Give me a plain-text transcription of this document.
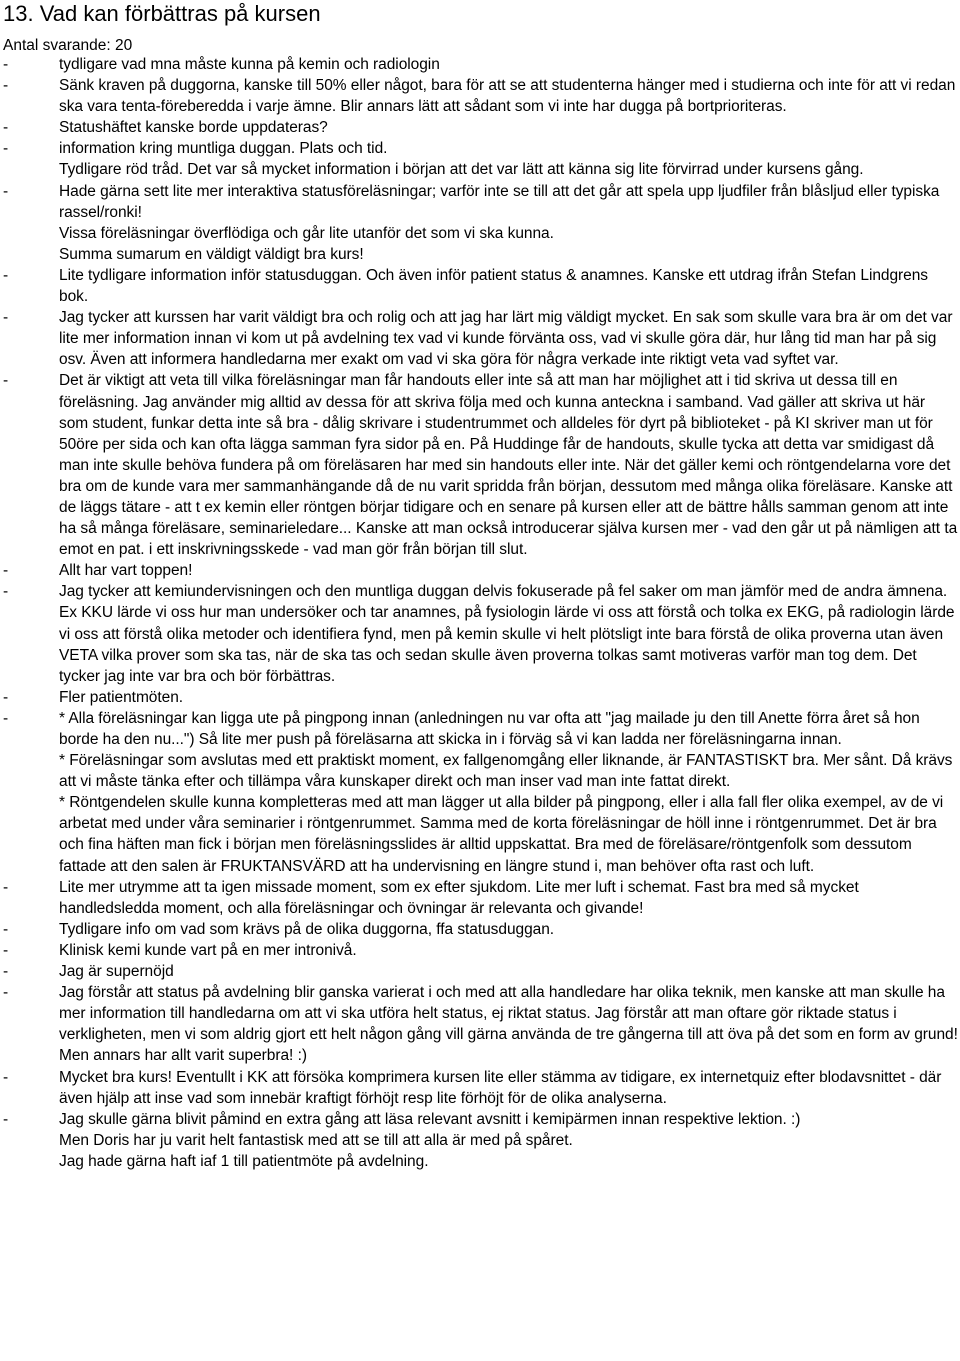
13. Vad kan förbättras på kursen

Antal svarande: 20

-	tydligare vad mna måste kunna på kemin och radiologin
-	Sänk kraven på duggorna, kanske till 50% eller något, bara för att se att studenterna hänger med i studierna och inte för att vi redan ska vara tenta-föreberedda i varje ämne. Blir annars lätt att sådant som vi inte har dugga på bortprioriteras.
-	Statushäftet kanske borde uppdateras?
-	information kring muntliga duggan. Plats och tid.
Tydligare röd tråd. Det var så mycket information i början att det var lätt att känna sig lite förvirrad under kursens gång.
-	Hade gärna sett lite mer interaktiva statusföreläsningar; varför inte se till att det går att spela upp ljudfiler från blåsljud eller typiska rassel/ronki!
Vissa föreläsningar överflödiga och går lite utanför det som vi ska kunna.
Summa sumarum en väldigt väldigt bra kurs!
-	Lite tydligare information inför statusduggan. Och även inför patient status & anamnes. Kanske ett utdrag ifrån Stefan Lindgrens bok.
-	Jag tycker att kurssen har varit väldigt bra och rolig och att jag har lärt mig väldigt mycket. En sak som skulle vara bra är om det var lite mer information innan vi kom ut på avdelning tex vad vi kunde förvänta oss, vad vi skulle göra där, hur lång tid man har på sig osv. Även att informera handledarna mer exakt om vad vi ska göra för några verkade inte riktigt veta vad syftet var.
-	Det är viktigt att veta till vilka föreläsningar man får handouts eller inte så att man har möjlighet att i tid skriva ut dessa till en föreläsning. Jag använder mig alltid av dessa för att skriva följa med och kunna anteckna i samband. Vad gäller att skriva ut här som student, funkar detta inte så bra - dålig skrivare i studentrummet och alldeles för dyrt på biblioteket - på KI skriver man ut för 50öre per sida och kan ofta lägga samman fyra sidor på en. På Huddinge får de handouts, skulle tycka att detta var smidigast då man inte skulle behöva fundera på om föreläsaren har med sin handouts eller inte. När det gäller kemi och röntgendelarna vore det bra om de kunde vara mer sammanhängande då de nu varit spridda från början, dessutom med många olika föreläsare. Kanske att de läggs tätare - att t ex kemin eller röntgen börjar tidigare och en senare på kursen eller att de bättre hålls samman genom att inte ha så många föreläsare, seminarieledare... Kanske att man också introducerar själva kursen mer - vad den går ut på nämligen att ta emot en pat. i ett inskrivningsskede - vad man gör från början till slut.
-	Allt har vart toppen!
-	Jag tycker att kemiundervisningen och den muntliga duggan delvis fokuserade på fel saker om man jämför med de andra ämnena. Ex KKU lärde vi oss hur man undersöker och tar anamnes, på fysiologin lärde vi oss att förstå och tolka ex EKG, på radiologin lärde vi oss att förstå olika metoder och identifiera fynd, men på kemin skulle vi helt plötsligt inte bara förstå de olika proverna utan även VETA vilka prover som ska tas, när de ska tas och sedan skulle även proverna tolkas samt motiveras varför man tog dem. Det tycker jag inte var bra och bör förbättras.
-	Fler patientmöten.
-	* Alla föreläsningar kan ligga ute på pingpong innan (anledningen nu var ofta att "jag mailade ju den till Anette förra året så hon borde ha den nu...") Så lite mer push på föreläsarna att skicka in i förväg så vi kan ladda ner föreläsningarna innan.
* Föreläsningar som avslutas med ett praktiskt moment, ex fallgenomgång eller liknande, är FANTASTISKT bra. Mer sånt. Då krävs att vi måste tänka efter och tillämpa våra kunskaper direkt och man inser vad man inte fattat direkt.
* Röntgendelen skulle kunna kompletteras med att man lägger ut alla bilder på pingpong, eller i alla fall fler olika exempel, av de vi arbetat med under våra seminarier i röntgenrummet. Samma med de korta föreläsningar de höll inne i röntgenrummet. Det är bra och fina häften man fick i början men föreläsningsslides är alltid uppskattat. Bra med de föreläsare/röntgenfolk som dessutom fattade att den salen är FRUKTANSVÄRD att ha undervisning en längre stund i, man behöver ofta rast och luft.
-	Lite mer utrymme att ta igen missade moment, som ex efter sjukdom. Lite mer luft i schemat. Fast bra med så mycket handledsledda moment, och alla föreläsningar och övningar är relevanta och givande!
-	Tydligare info om vad som krävs på de olika duggorna, ffa statusduggan.
-	Klinisk kemi kunde vart på en mer intronivå.
-	Jag är supernöjd
-	Jag förstår att status på avdelning blir ganska varierat i och med att alla handledare har olika teknik, men kanske att man skulle ha mer information till handledarna om att vi ska utföra helt status, ej riktat status. Jag förstår att man oftare gör riktade status i verkligheten, men vi som aldrig gjort ett helt någon gång vill gärna använda de tre gångerna till att öva på det som en form av grund! Men annars har allt varit superbra! :)
-	Mycket bra kurs! Eventullt i KK att försöka komprimera kursen lite eller stämma av tidigare, ex internetquiz efter blodavsnittet - där även hjälp att inse vad som innebär kraftigt förhöjt resp lite förhöjt för de olika analyserna.
-	Jag skulle gärna blivit påmind en extra gång att läsa relevant avsnitt i kemipärmen innan respektive lektion. :)
Men Doris har ju varit helt fantastisk med att se till att alla är med på spåret.
Jag hade gärna haft iaf 1 till patientmöte på avdelning.
